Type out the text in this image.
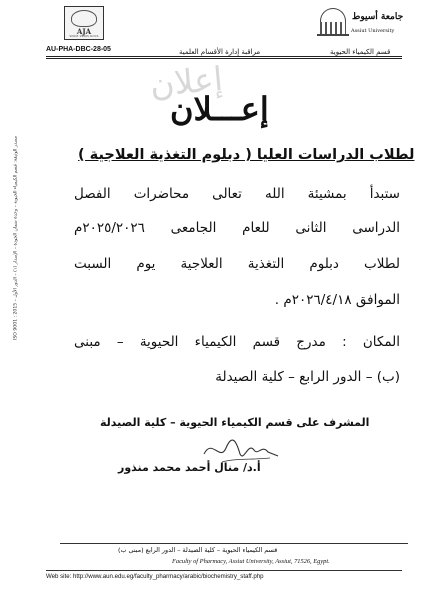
AJA
SINCE 1960S DOCS
جامعة أسيوط
Assiut University
AU-PHA-DBC-28-05	مراقبة إدارة الأقسام العلمية	قسم الكيمياء الحيوية
مصدر الوثيقة: قسم الكيمياء الحيوية – وحدة ضمان الجودة – الإصدار (١) – الدور الأول – ISO 9001 : 2015
إعلان
إعـــلان
لطلاب الدراسات العليا ( دبلوم التغذية العلاجية )
ستبدأ بمشيئة الله تعالى محاضرات الفصل
الدراسى الثانى للعام الجامعى ٢٠٢٥/٢٠٢٦م
لطلاب دبلوم التغذية العلاجية يوم السبت
الموافق ٢٠٢٦/٤/١٨م .
المكان : مدرج قسم الكيمياء الحيوية – مبنى
(ب) – الدور الرابع – كلية الصيدلة
المشرف على قسم الكيمياء الحيوية – كلية الصيدلة
أ.د/ منال أحمد محمد منذور
قسم الكيمياء الحيوية – كلية الصيدلة – الدور الرابع (مبنى ب)
Faculty of Pharmacy, Assiut University, Assiut, 71526, Egypt.
Web site: http://www.aun.edu.eg/faculty_pharmacy/arabic/biochemistry_staff.php
